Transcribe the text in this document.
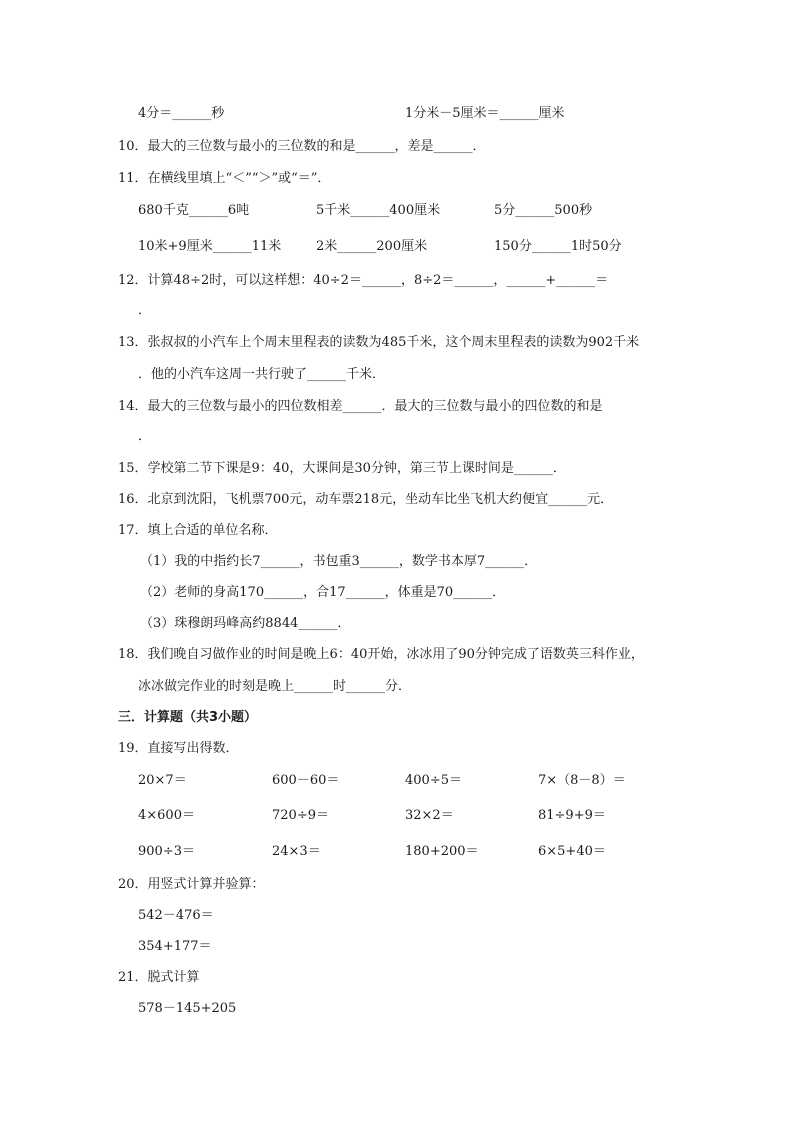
4分＝______秒	1分米－5厘米＝______厘米
10．最大的三位数与最小的三位数的和是______，差是______．
11．在横线里填上“＜”“＞”或“＝”．
680千克______6吨	5千米______400厘米	5分______500秒
10米+9厘米______11米	2米______200厘米	150分______1时50分
12．计算48÷2时，可以这样想：40÷2＝______，8÷2＝______，______+______＝
．
13．张叔叔的小汽车上个周末里程表的读数为485千米，这个周末里程表的读数为902千米
．他的小汽车这周一共行驶了______千米．
14．最大的三位数与最小的四位数相差______．最大的三位数与最小的四位数的和是
．
15．学校第二节下课是9：40，大课间是30分钟，第三节上课时间是______．
16．北京到沈阳，飞机票700元，动车票218元，坐动车比坐飞机大约便宜______元．
17．填上合适的单位名称．
（1）我的中指约长7______，书包重3______，数学书本厚7______．
（2）老师的身高170______，合17______，体重是70______．
（3）珠穆朗玛峰高约8844______．
18．我们晚自习做作业的时间是晚上6：40开始，冰冰用了90分钟完成了语数英三科作业，
冰冰做完作业的时刻是晚上______时______分．
三．计算题（共3小题）
19．直接写出得数．
20×7＝	600－60＝	400÷5＝	7×（8－8）＝
4×600＝	720÷9＝	32×2＝	81÷9+9＝
900÷3＝	24×3＝	180+200＝	6×5+40＝
20．用竖式计算并验算：
542－476＝
354+177＝
21．脱式计算
578－145+205
